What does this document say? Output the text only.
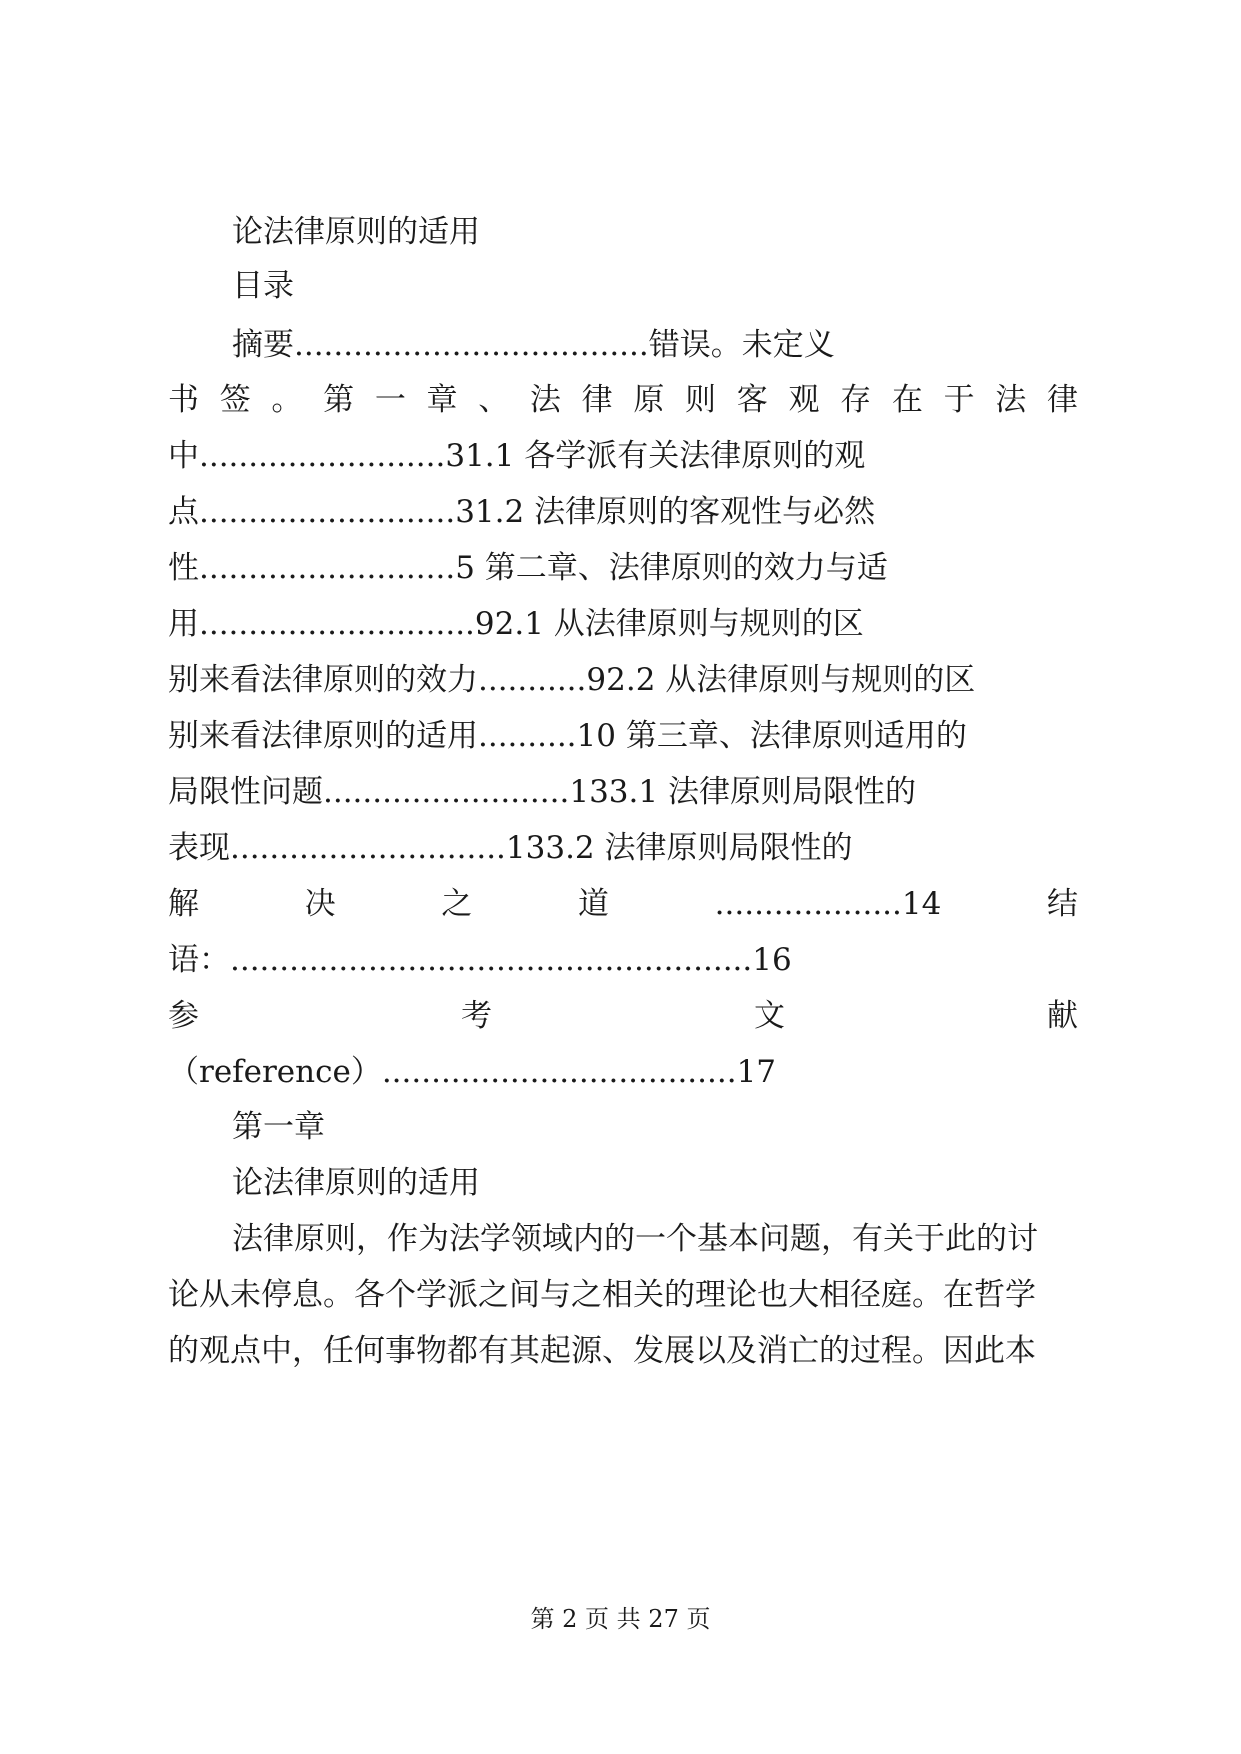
论法律原则的适用
目录
摘要....................................错误。未定义
书 签 。 第 一 章 、 法 律 原 则 客 观 存 在 于 法 律
中.........................31.1 各学派有关法律原则的观
点..........................31.2 法律原则的客观性与必然
性..........................5 第二章、法律原则的效力与适
用............................92.1 从法律原则与规则的区
别来看法律原则的效力...........92.2 从法律原则与规则的区
别来看法律原则的适用..........10 第三章、法律原则适用的
局限性问题.........................133.1 法律原则局限性的
表现............................133.2 法律原则局限性的
解　　决　　之　　道　　...................14　　结
语：.....................................................16
参　　　　　　考　　　　　　文　　　　　　献
（reference）....................................17
第一章
论法律原则的适用
法律原则，作为法学领域内的一个基本问题，有关于此的讨
论从未停息。各个学派之间与之相关的理论也大相径庭。在哲学
的观点中，任何事物都有其起源、发展以及消亡的过程。因此本
第 2 页 共 27 页
